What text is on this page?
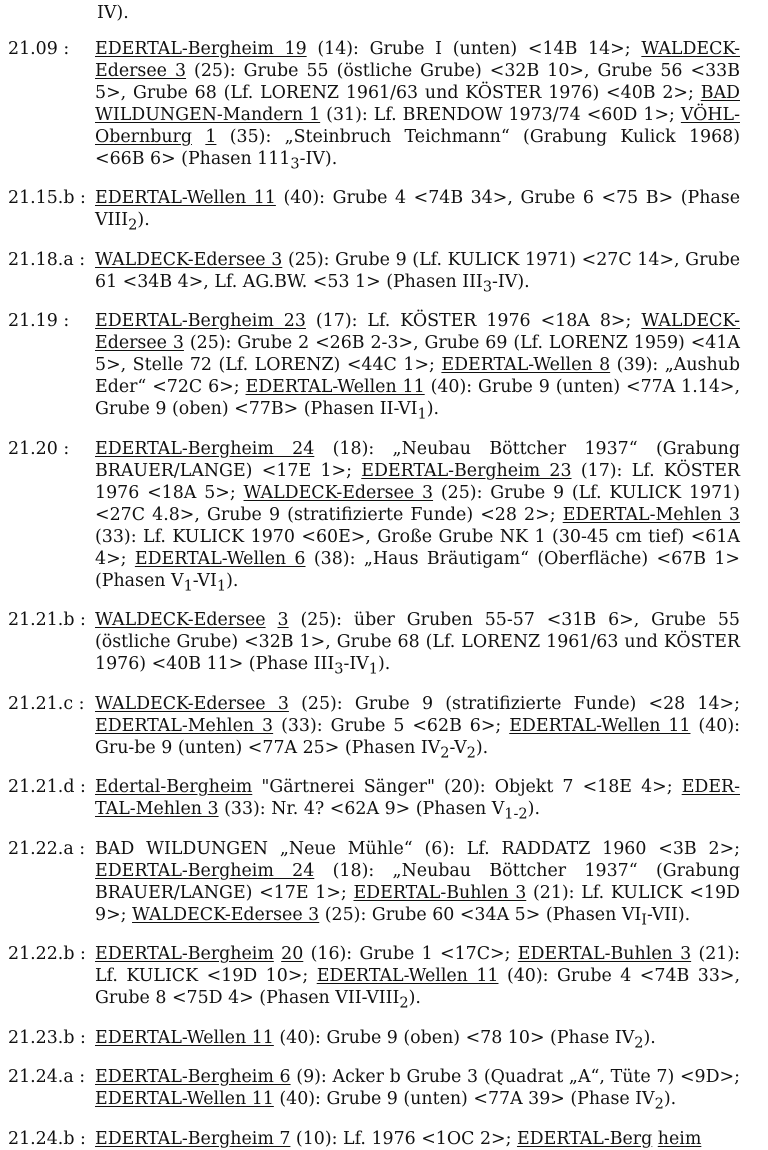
IV).
21.09 :	EDERTAL-Bergheim 19 (14): Grube I (unten) <14B 14>; WALDECK-Edersee 3 (25): Grube 55 (östliche Grube) <32B 10>, Grube 56 <33B 5>, Grube 68 (Lf. LORENZ 1961/63 und KÖSTER 1976) <40B 2>; BAD WILDUNGEN-Mandern 1 (31): Lf. BRENDOW 1973/74 <60D 1>; VÖHL-Obernburg 1 (35): „Steinbruch Teichmann“ (Grabung Kulick 1968) <66B 6> (Phasen $111_3-IV$).
21.15.b : EDERTAL-Wellen 11 (40): Grube 4 <74B 34>, Grube 6 <75 B> (Phase $VIII_2$).
21.18.a : WALDECK-Edersee 3 (25): Grube 9 (Lf. KULICK 1971) <27C 14>, Grube 61 <34B 4>, Lf. AG.BW. <53 1> (Phasen $III_3-IV$).
21.19 :	EDERTAL-Bergheim 23 (17): Lf. KÖSTER 1976 <18A 8>; WALDECK-Edersee 3 (25): Grube 2 <26B 2-3>, Grube 69 (Lf. LORENZ 1959) <41A 5>, Stelle 72 (Lf. LORENZ) <44C 1>; EDERTAL-Wellen 8 (39): „Aushub Eder“ <72C 6>; EDERTAL-Wellen 11 (40): Grube 9 (unten) <77A 1.14>, Grube 9 (oben) <77B> (Phasen $II-VI_1$).
21.20 :	EDERTAL-Bergheim 24 (18): „Neubau Böttcher 1937“ (Grabung BRAUER/LANGE) <17E 1>; EDERTAL-Bergheim 23 (17): Lf. KÖSTER 1976 <18A 5>; WALDECK-Edersee 3 (25): Grube 9 (Lf. KULICK 1971) <27C 4.8>, Grube 9 (stratifizierte Funde) <28 2>; EDERTAL-Mehlen 3 (33): Lf. KULICK 1970 <60E>, Große Grube NK 1 (30-45 cm tief) <61A 4>; EDERTAL-Wellen 6 (38): „Haus Bräutigam“ (Oberfläche) <67B 1> (Phasen $V_1-VI_1$).
21.21.b : WALDECK-Edersee 3 (25): über Gruben 55-57 <31B 6>, Grube 55 (östliche Grube) <32B 1>, Grube 68 (Lf. LORENZ 1961/63 und KÖSTER 1976) <40B 11> (Phase $III_3-IV_1$).
21.21.c : WALDECK-Edersee 3 (25): Grube 9 (stratifizierte Funde) <28 14>; EDERTAL-Mehlen 3 (33): Grube 5 <62B 6>; EDERTAL-Wellen 11 (40): Gru-be 9 (unten) <77A 25> (Phasen $IV_2-V_2$).
21.21.d : Edertal-Bergheim "Gärtnerei Sänger" (20): Objekt 7 <18E 4>; EDER-TAL-Mehlen 3 (33): Nr. 4? <62A 9> (Phasen $V_{1-2}$).
21.22.a : BAD WILDUNGEN „Neue Mühle“ (6): Lf. RADDATZ 1960 <3B 2>; EDERTAL-Bergheim 24 (18): „Neubau Böttcher 1937“ (Grabung BRAUER/LANGE) <17E 1>; EDERTAL-Buhlen 3 (21): Lf. KULICK <19D 9>; WALDECK-Edersee 3 (25): Grube 60 <34A 5> (Phasen $VI_I-VII$).
21.22.b : EDERTAL-Bergheim 20 (16): Grube 1 <17C>; EDERTAL-Buhlen 3 (21): Lf. KULICK <19D 10>; EDERTAL-Wellen 11 (40): Grube 4 <74B 33>, Grube 8 <75D 4> (Phasen VII-$VIII_2$).
21.23.b : EDERTAL-Wellen 11 (40): Grube 9 (oben) <78 10> (Phase $IV_2$).
21.24.a : EDERTAL-Bergheim 6 (9): Acker b Grube 3 (Quadrat „A“, Tüte 7) <9D>; EDERTAL-Wellen 11 (40): Grube 9 (unten) <77A 39> (Phase $IV_2$).
21.24.b : EDERTAL-Bergheim 7 (10): Lf. 1976 <1OC 2>; EDERTAL-Berg heim
